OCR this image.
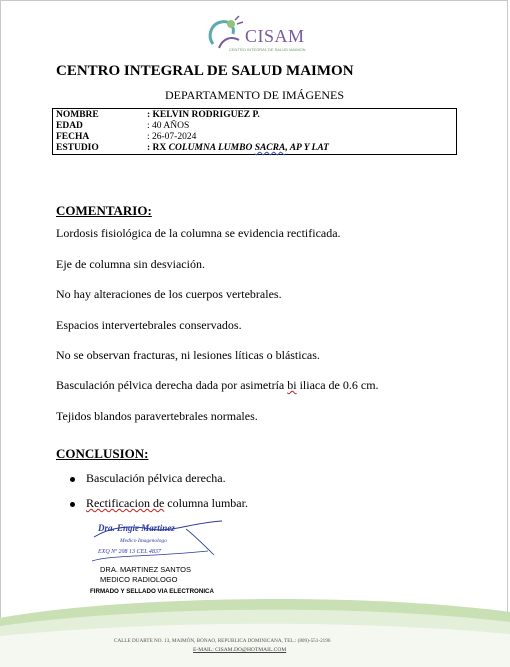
CISAM
CENTRO INTEGRAL DE SALUD MAIMON
CENTRO INTEGRAL DE SALUD MAIMON
DEPARTAMENTO DE IMÁGENES
NOMBRE	: KELVIN RODRIGUEZ P.
EDAD	: 40 AÑOS
FECHA	: 26-07-2024
ESTUDIO	: RX COLUMNA LUMBO SACRA, AP Y LAT
COMENTARIO:
Lordosis fisiológica de la columna se evidencia rectificada.
Eje de columna sin desviación.
No hay alteraciones de los cuerpos vertebrales.
Espacios intervertebrales conservados.
No se observan fracturas, ni lesiones líticas o blásticas.
Basculación pélvica derecha dada por asimetría bi iliaca de 0.6 cm.
Tejidos blandos paravertebrales normales.
CONCLUSION:
Basculación pélvica derecha.
Rectificacion de columna lumbar.
Dra. Engie Martinez
Medico Imagenologo
EXQ Nº 208 13 CEL 4837
DRA. MARTINEZ SANTOS
MEDICO RADIOLOGO
FIRMADO Y SELLADO VIA ELECTRONICA
CALLE DUARTE NO. 13, MAIMÓN, BONAO, REPUBLICA DOMINICANA, TEL.: (809)-551-2196
E-MAIL: CISAM.DO@HOTMAIL.COM
